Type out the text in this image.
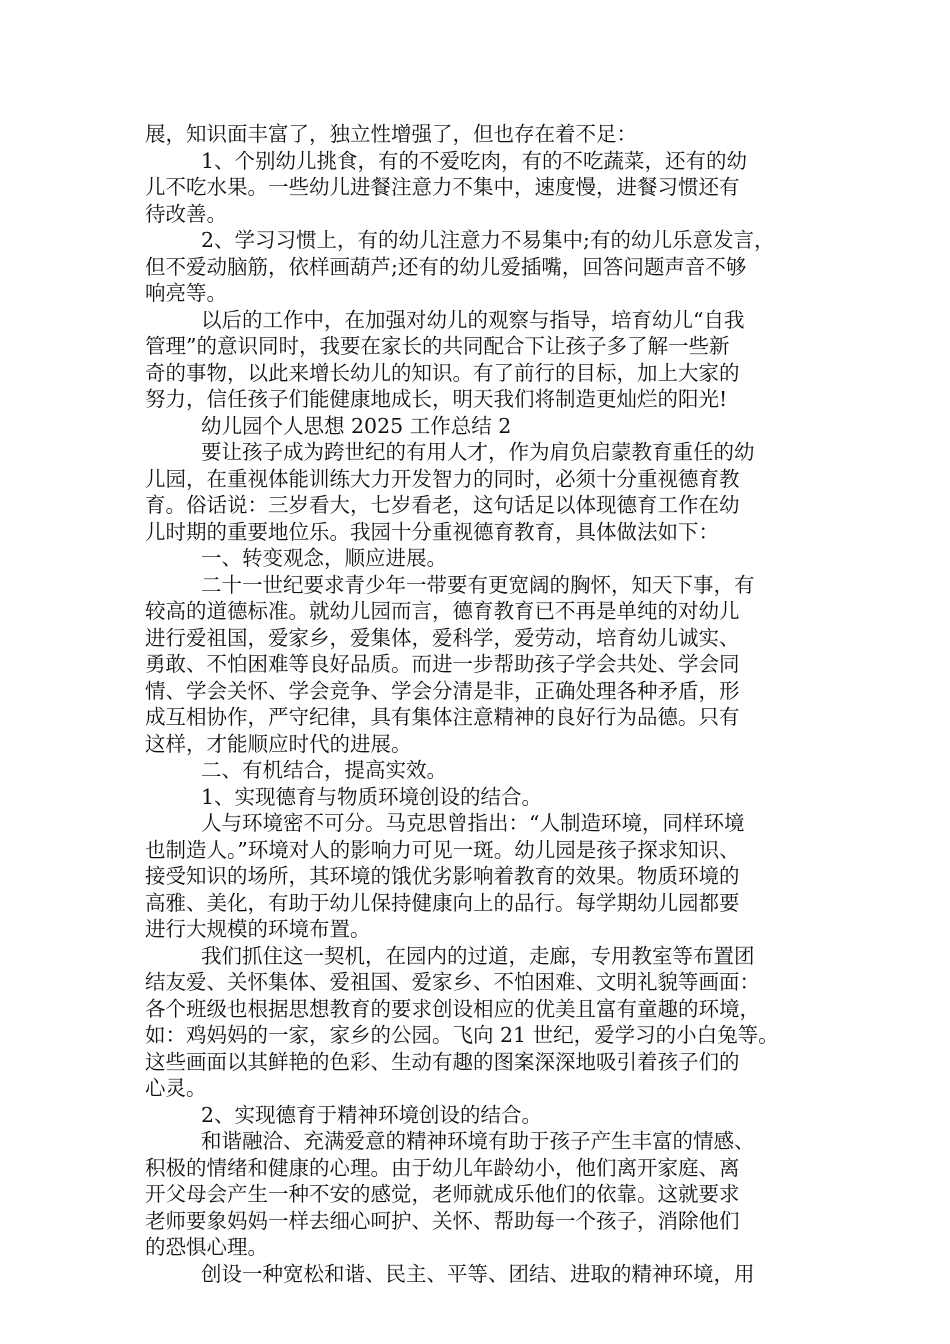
展，知识面丰富了，独立性增强了，但也存在着不足：
1、个别幼儿挑食，有的不爱吃肉，有的不吃蔬菜，还有的幼
儿不吃水果。一些幼儿进餐注意力不集中，速度慢，进餐习惯还有
待改善。
2、学习习惯上，有的幼儿注意力不易集中;有的幼儿乐意发言，
但不爱动脑筋，依样画葫芦;还有的幼儿爱插嘴，回答问题声音不够
响亮等。
以后的工作中，在加强对幼儿的观察与指导，培育幼儿“自我
管理”的意识同时，我要在家长的共同配合下让孩子多了解一些新
奇的事物，以此来增长幼儿的知识。有了前行的目标，加上大家的
努力，信任孩子们能健康地成长，明天我们将制造更灿烂的阳光!
幼儿园个人思想 2025 工作总结 2
要让孩子成为跨世纪的有用人才，作为肩负启蒙教育重任的幼
儿园，在重视体能训练大力开发智力的同时，必须十分重视德育教
育。俗话说：三岁看大，七岁看老，这句话足以体现德育工作在幼
儿时期的重要地位乐。我园十分重视德育教育，具体做法如下：
一、转变观念，顺应进展。
二十一世纪要求青少年一带要有更宽阔的胸怀，知天下事，有
较高的道德标准。就幼儿园而言，德育教育已不再是单纯的对幼儿
进行爱祖国，爱家乡，爱集体，爱科学，爱劳动，培育幼儿诚实、
勇敢、不怕困难等良好品质。而进一步帮助孩子学会共处、学会同
情、学会关怀、学会竞争、学会分清是非，正确处理各种矛盾，形
成互相协作，严守纪律，具有集体注意精神的良好行为品德。只有
这样，才能顺应时代的进展。
二、有机结合，提高实效。
1、实现德育与物质环境创设的结合。
人与环境密不可分。马克思曾指出：“人制造环境，同样环境
也制造人。”环境对人的影响力可见一斑。幼儿园是孩子探求知识、
接受知识的场所，其环境的饿优劣影响着教育的效果。物质环境的
高雅、美化，有助于幼儿保持健康向上的品行。每学期幼儿园都要
进行大规模的环境布置。
我们抓住这一契机，在园内的过道，走廊，专用教室等布置团
结友爱、关怀集体、爱祖国、爱家乡、不怕困难、文明礼貌等画面：
各个班级也根据思想教育的要求创设相应的优美且富有童趣的环境，
如：鸡妈妈的一家，家乡的公园。飞向 21 世纪，爱学习的小白兔等。
这些画面以其鲜艳的色彩、生动有趣的图案深深地吸引着孩子们的
心灵。
2、实现德育于精神环境创设的结合。
和谐融洽、充满爱意的精神环境有助于孩子产生丰富的情感、
积极的情绪和健康的心理。由于幼儿年龄幼小，他们离开家庭、离
开父母会产生一种不安的感觉，老师就成乐他们的依靠。这就要求
老师要象妈妈一样去细心呵护、关怀、帮助每一个孩子，消除他们
的恐惧心理。
创设一种宽松和谐、民主、平等、团结、进取的精神环境，用
